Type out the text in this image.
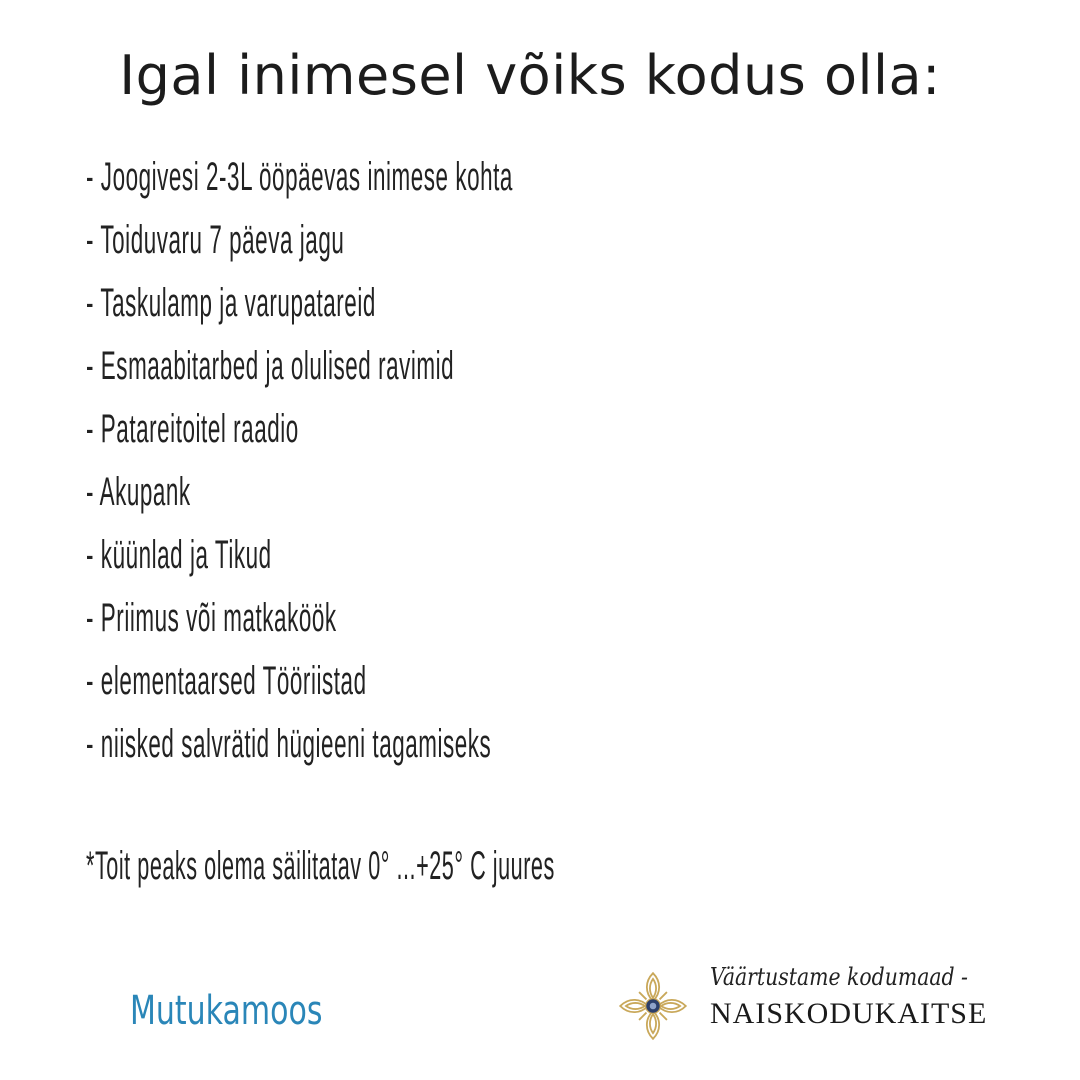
Igal inimesel võiks kodus olla:
- Joogivesi 2-3L ööpäevas inimese kohta
- Toiduvaru 7 päeva jagu
- Taskulamp ja varupatareid
- Esmaabitarbed ja olulised ravimid
- Patareitoitel raadio
- Akupank
- küünlad ja Tikud
- Priimus või matkaköök
- elementaarsed Tööriistad
- niisked salvrätid hügieeni tagamiseks
*Toit peaks olema säilitatav 0° ...+25° C juures
Mutukamoos
Väärtustame kodumaad -
NAISKODUKAITSE
